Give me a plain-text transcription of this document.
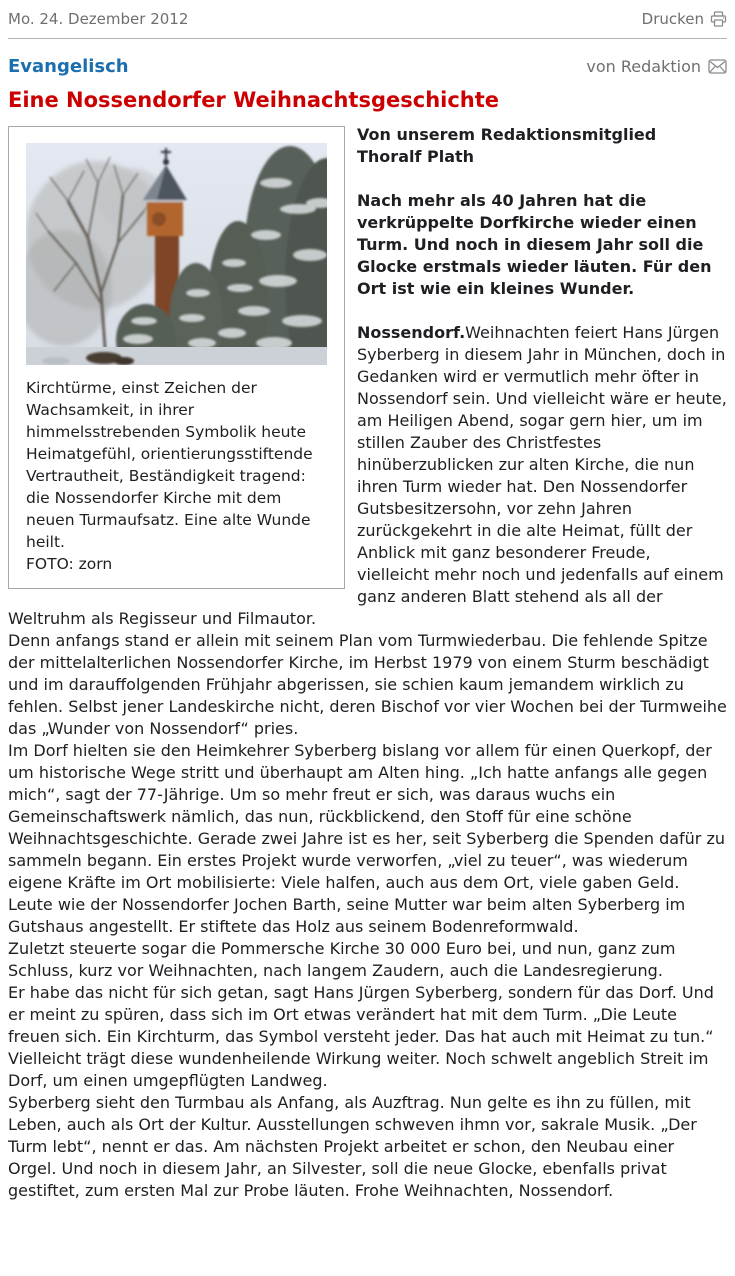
Mo. 24. Dezember 2012	Drucken
Evangelisch	von Redaktion
Eine Nossendorfer Weihnachtsgeschichte
Kirchtürme, einst Zeichen der Wachsamkeit, in ihrer himmelsstrebenden Symbolik heute Heimatgefühl, orientierungsstiftende Vertrautheit, Beständigkeit tragend: die Nossendorfer Kirche mit dem neuen Turmaufsatz. Eine alte Wunde heilt.
FOTO: zorn

Von unserem Redaktionsmitglied
Thoralf Plath

Nach mehr als 40 Jahren hat die verkrüppelte Dorfkirche wieder einen Turm. Und noch in diesem Jahr soll die Glocke erstmals wieder läuten. Für den Ort ist wie ein kleines Wunder.

Nossendorf.Weihnachten feiert Hans Jürgen Syberberg in diesem Jahr in München, doch in Gedanken wird er vermutlich mehr öfter in Nossendorf sein. Und vielleicht wäre er heute, am Heiligen Abend, sogar gern hier, um im stillen Zauber des Christfestes hinüberzublicken zur alten Kirche, die nun ihren Turm wieder hat. Den Nossendorfer Gutsbesitzersohn, vor zehn Jahren zurückgekehrt in die alte Heimat, füllt der Anblick mit ganz besonderer Freude, vielleicht mehr noch und jedenfalls auf einem ganz anderen Blatt stehend als all der Weltruhm als Regisseur und Filmautor.

Denn anfangs stand er allein mit seinem Plan vom Turmwiederbau. Die fehlende Spitze der mittelalterlichen Nossendorfer Kirche, im Herbst 1979 von einem Sturm beschädigt und im darauffolgenden Frühjahr abgerissen, sie schien kaum jemandem wirklich zu fehlen. Selbst jener Landeskirche nicht, deren Bischof vor vier Wochen bei der Turmweihe das „Wunder von Nossendorf“ pries.

Im Dorf hielten sie den Heimkehrer Syberberg bislang vor allem für einen Querkopf, der um historische Wege stritt und überhaupt am Alten hing. „Ich hatte anfangs alle gegen mich“, sagt der 77-Jährige. Um so mehr freut er sich, was daraus wuchs ein Gemeinschaftswerk nämlich, das nun, rückblickend, den Stoff für eine schöne Weihnachtsgeschichte. Gerade zwei Jahre ist es her, seit Syberberg die Spenden dafür zu sammeln begann. Ein erstes Projekt wurde verworfen, „viel zu teuer“, was wiederum eigene Kräfte im Ort mobilisierte: Viele halfen, auch aus dem Ort, viele gaben Geld. Leute wie der Nossendorfer Jochen Barth, seine Mutter war beim alten Syberberg im Gutshaus angestellt. Er stiftete das Holz aus seinem Bodenreformwald.

Zuletzt steuerte sogar die Pommersche Kirche 30 000 Euro bei, und nun, ganz zum Schluss, kurz vor Weihnachten, nach langem Zaudern, auch die Landesregierung.

Er habe das nicht für sich getan, sagt Hans Jürgen Syberberg, sondern für das Dorf. Und er meint zu spüren, dass sich im Ort etwas verändert hat mit dem Turm. „Die Leute freuen sich. Ein Kirchturm, das Symbol versteht jeder. Das hat auch mit Heimat zu tun.“ Vielleicht trägt diese wundenheilende Wirkung weiter. Noch schwelt angeblich Streit im Dorf, um einen umgepflügten Landweg.

Syberberg sieht den Turmbau als Anfang, als Auzftrag. Nun gelte es ihn zu füllen, mit Leben, auch als Ort der Kultur. Ausstellungen schweven ihmn vor, sakrale Musik. „Der Turm lebt“, nennt er das. Am nächsten Projekt arbeitet er schon, den Neubau einer Orgel. Und noch in diesem Jahr, an Silvester, soll die neue Glocke, ebenfalls privat gestiftet, zum ersten Mal zur Probe läuten. Frohe Weihnachten, Nossendorf.
